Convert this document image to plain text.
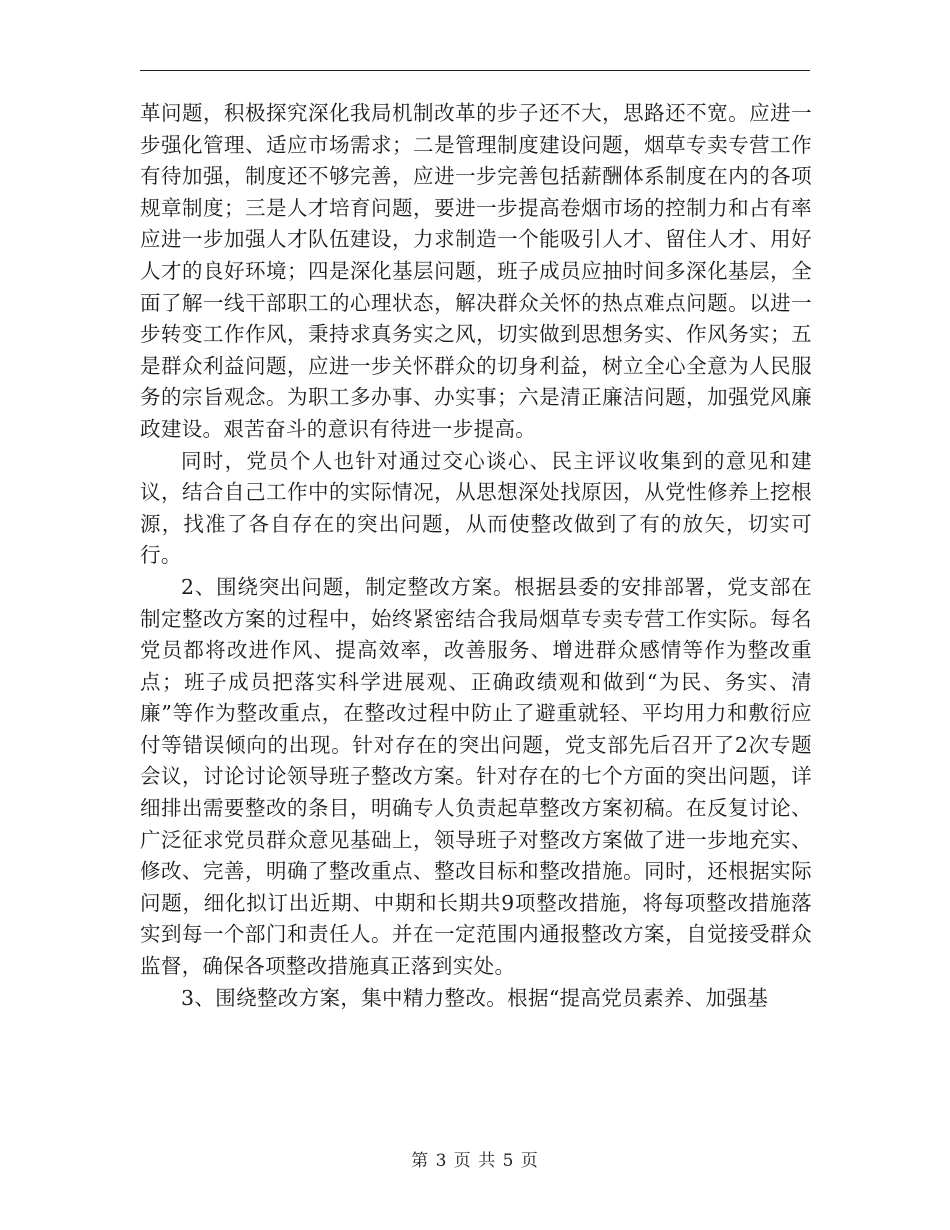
革问题，积极探究深化我局机制改革的步子还不大，思路还不宽。应进一步强化管理、适应市场需求；二是管理制度建设问题，烟草专卖专营工作有待加强，制度还不够完善，应进一步完善包括薪酬体系制度在内的各项规章制度；三是人才培育问题，要进一步提高卷烟市场的控制力和占有率应进一步加强人才队伍建设，力求制造一个能吸引人才、留住人才、用好人才的良好环境；四是深化基层问题，班子成员应抽时间多深化基层，全面了解一线干部职工的心理状态，解决群众关怀的热点难点问题。以进一步转变工作作风，秉持求真务实之风，切实做到思想务实、作风务实；五是群众利益问题，应进一步关怀群众的切身利益，树立全心全意为人民服务的宗旨观念。为职工多办事、办实事；六是清正廉洁问题，加强党风廉政建设。艰苦奋斗的意识有待进一步提高。

同时，党员个人也针对通过交心谈心、民主评议收集到的意见和建议，结合自己工作中的实际情况，从思想深处找原因，从党性修养上挖根源，找准了各自存在的突出问题，从而使整改做到了有的放矢，切实可行。

2、围绕突出问题，制定整改方案。根据县委的安排部署，党支部在制定整改方案的过程中，始终紧密结合我局烟草专卖专营工作实际。每名党员都将改进作风、提高效率，改善服务、增进群众感情等作为整改重点；班子成员把落实科学进展观、正确政绩观和做到“为民、务实、清廉”等作为整改重点，在整改过程中防止了避重就轻、平均用力和敷衍应付等错误倾向的出现。针对存在的突出问题，党支部先后召开了2次专题会议，讨论讨论领导班子整改方案。针对存在的七个方面的突出问题，详细排出需要整改的条目，明确专人负责起草整改方案初稿。在反复讨论、广泛征求党员群众意见基础上，领导班子对整改方案做了进一步地充实、修改、完善，明确了整改重点、整改目标和整改措施。同时，还根据实际问题，细化拟订出近期、中期和长期共9项整改措施，将每项整改措施落实到每一个部门和责任人。并在一定范围内通报整改方案，自觉接受群众监督，确保各项整改措施真正落到实处。

3、围绕整改方案，集中精力整改。根据“提高党员素养、加强基

第 3 页 共 5 页
